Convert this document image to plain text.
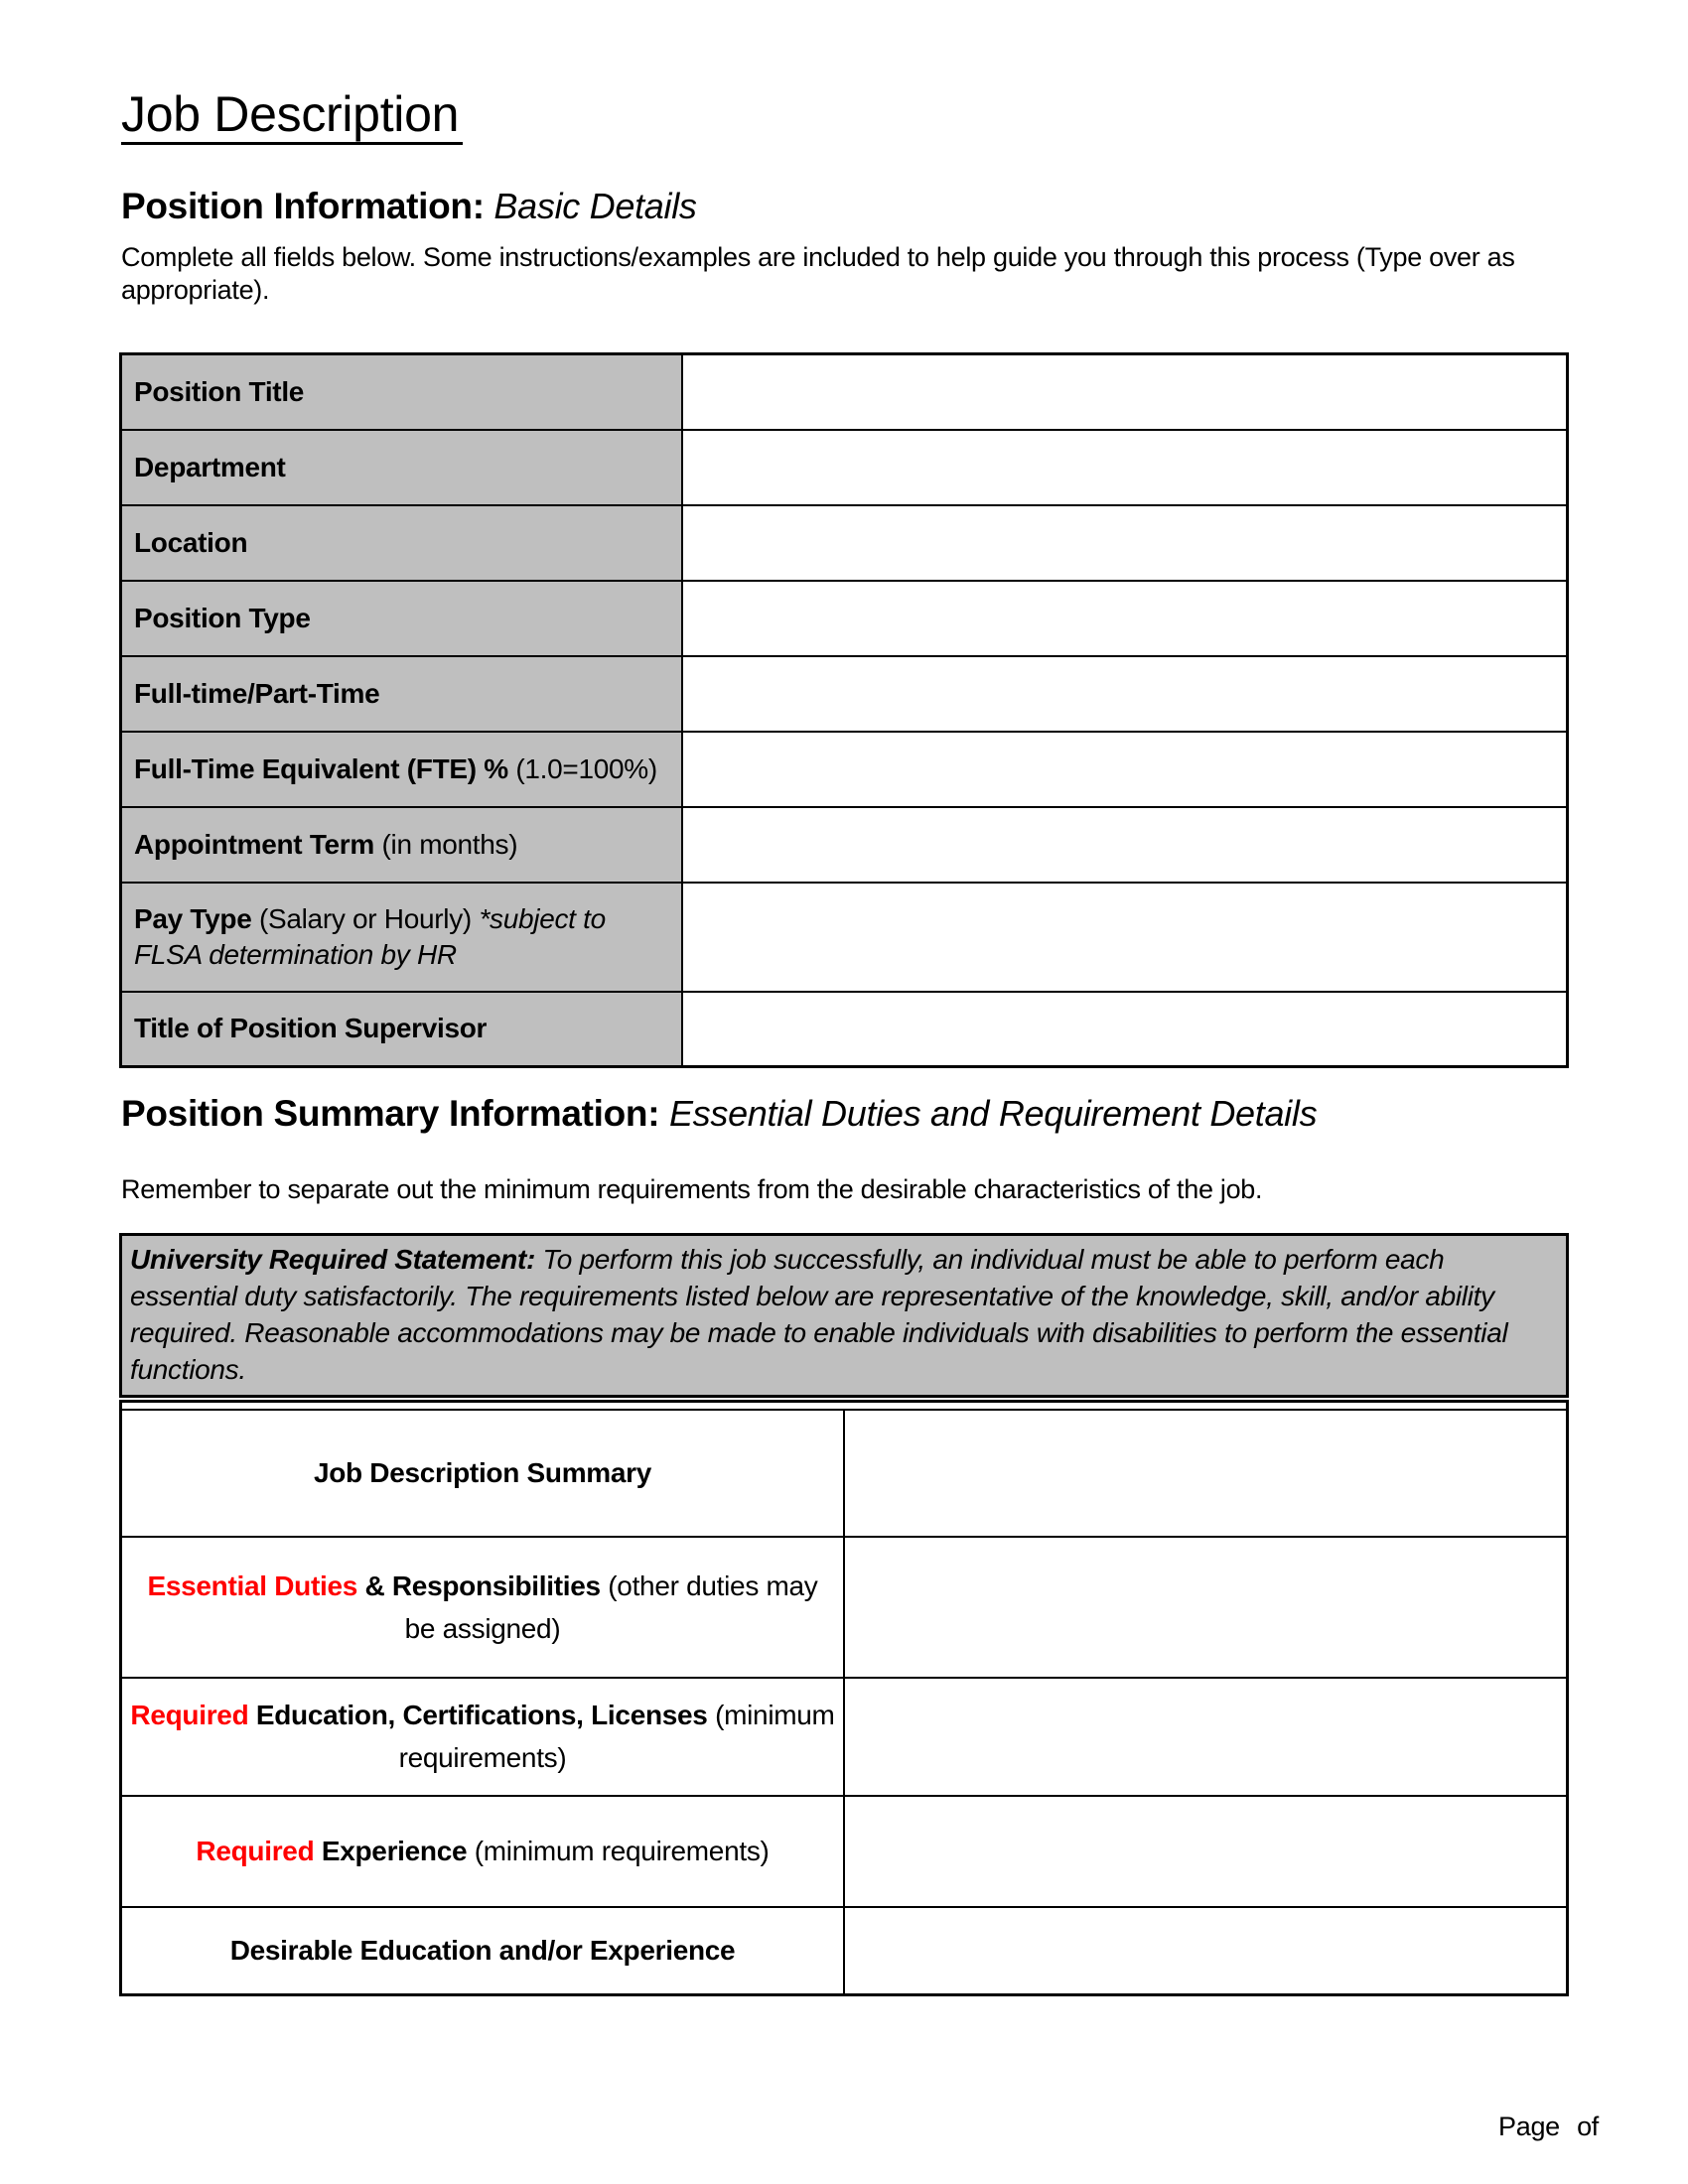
Job Description
Position Information: Basic Details
Complete all fields below. Some instructions/examples are included to help guide you through this process (Type over as appropriate).
Position Title	
Department	
Location	
Position Type	
Full-time/Part-Time	
Full-Time Equivalent (FTE) % (1.0=100%)	
Appointment Term (in months)	
Pay Type (Salary or Hourly) *subject to FLSA determination by HR	
Title of Position Supervisor	
Position Summary Information: Essential Duties and Requirement Details
Remember to separate out the minimum requirements from the desirable characteristics of the job.
University Required Statement: To perform this job successfully, an individual must be able to perform each essential duty satisfactorily. The requirements listed below are representative of the knowledge, skill, and/or ability required. Reasonable accommodations may be made to enable individuals with disabilities to perform the essential functions.

Job Description Summary	
Essential Duties & Responsibilities (other duties may be assigned)	
Required Education, Certifications, Licenses (minimum requirements)	
Required Experience (minimum requirements)	
Desirable Education and/or Experience	
Page of
